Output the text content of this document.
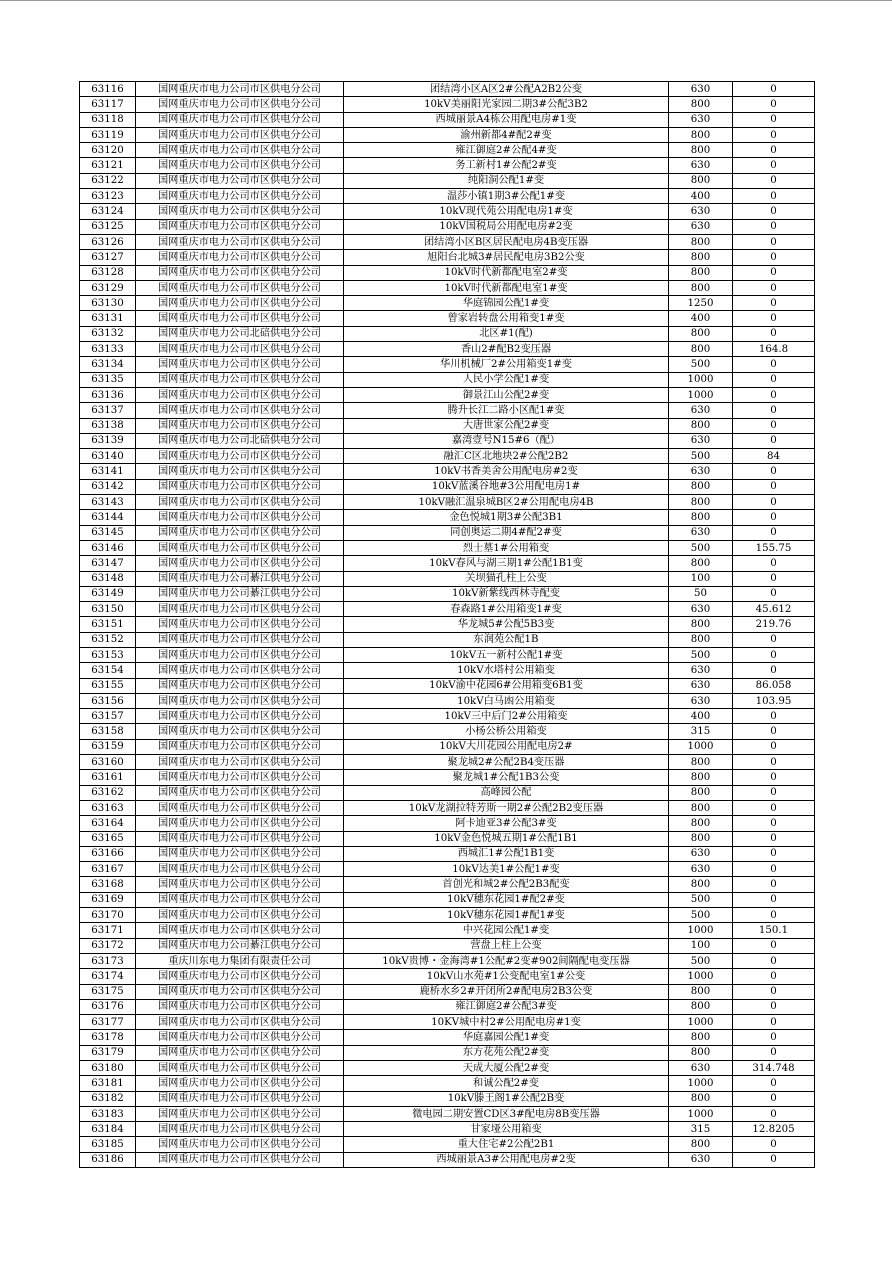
63116	国网重庆市电力公司市区供电分公司	团结湾小区A区2#公配A2B2公变	630	0
63117	国网重庆市电力公司市区供电分公司	10kV美丽阳光家园二期3#公配3B2	800	0
63118	国网重庆市电力公司市区供电分公司	西城丽景A4栋公用配电房#1变	630	0
63119	国网重庆市电力公司市区供电分公司	渝州新都4#配2#变	800	0
63120	国网重庆市电力公司市区供电分公司	雍江御庭2#公配4#变	800	0
63121	国网重庆市电力公司市区供电分公司	务工新村1#公配2#变	630	0
63122	国网重庆市电力公司市区供电分公司	纯阳洞公配1#变	800	0
63123	国网重庆市电力公司市区供电分公司	温莎小镇1期3#公配1#变	400	0
63124	国网重庆市电力公司市区供电分公司	10kV现代苑公用配电房1#变	630	0
63125	国网重庆市电力公司市区供电分公司	10kV国税局公用配电房#2变	630	0
63126	国网重庆市电力公司市区供电分公司	团结湾小区B区居民配电房4B变压器	800	0
63127	国网重庆市电力公司市区供电分公司	旭阳台北城3#居民配电房3B2公变	800	0
63128	国网重庆市电力公司市区供电分公司	10kV时代新都配电室2#变	800	0
63129	国网重庆市电力公司市区供电分公司	10kV时代新都配电室1#变	800	0
63130	国网重庆市电力公司市区供电分公司	华庭锦园公配1#变	1250	0
63131	国网重庆市电力公司市区供电分公司	曾家岩转盘公用箱变1#变	400	0
63132	国网重庆市电力公司北碚供电分公司	北区#1(配)	800	0
63133	国网重庆市电力公司市区供电分公司	香山2#配B2变压器	800	164.8
63134	国网重庆市电力公司市区供电分公司	华川机械厂2#公用箱变1#变	500	0
63135	国网重庆市电力公司市区供电分公司	人民小学公配1#变	1000	0
63136	国网重庆市电力公司市区供电分公司	御景江山公配2#变	1000	0
63137	国网重庆市电力公司市区供电分公司	腾升长江二路小区配1#变	630	0
63138	国网重庆市电力公司市区供电分公司	大唐世家公配2#变	800	0
63139	国网重庆市电力公司北碚供电分公司	嘉湾壹号N15#6（配）	630	0
63140	国网重庆市电力公司市区供电分公司	融汇C区北地块2#公配2B2	500	84
63141	国网重庆市电力公司市区供电分公司	10kV书香美舍公用配电房#2变	630	0
63142	国网重庆市电力公司市区供电分公司	10kV蓝溪谷地#3公用配电房1#	800	0
63143	国网重庆市电力公司市区供电分公司	10kV融汇温泉城B区2#公用配电房4B	800	0
63144	国网重庆市电力公司市区供电分公司	金色悦城1期3#公配3B1	800	0
63145	国网重庆市电力公司市区供电分公司	同创奥运二期4#配2#变	630	0
63146	国网重庆市电力公司市区供电分公司	烈士墓1#公用箱变	500	155.75
63147	国网重庆市电力公司市区供电分公司	10kV春风与湖三期1#公配1B1变	800	0
63148	国网重庆市电力公司綦江供电分公司	关坝猫孔柱上公变	100	0
63149	国网重庆市电力公司綦江供电分公司	10kV新紫线西林寺配变	50	0
63150	国网重庆市电力公司市区供电分公司	春森路1#公用箱变1#变	630	45.612
63151	国网重庆市电力公司市区供电分公司	华龙城5#公配5B3变	800	219.76
63152	国网重庆市电力公司市区供电分公司	东润苑公配1B	800	0
63153	国网重庆市电力公司市区供电分公司	10kV五一新村公配1#变	500	0
63154	国网重庆市电力公司市区供电分公司	10kV水塔村公用箱变	630	0
63155	国网重庆市电力公司市区供电分公司	10kV渝中花园6#公用箱变6B1变	630	86.058
63156	国网重庆市电力公司市区供电分公司	10kV白马凼公用箱变	630	103.95
63157	国网重庆市电力公司市区供电分公司	10kV三中后门2#公用箱变	400	0
63158	国网重庆市电力公司市区供电分公司	小杨公桥公用箱变	315	0
63159	国网重庆市电力公司市区供电分公司	10kV大川花园公用配电房2#	1000	0
63160	国网重庆市电力公司市区供电分公司	聚龙城2#公配2B4变压器	800	0
63161	国网重庆市电力公司市区供电分公司	聚龙城1#公配1B3公变	800	0
63162	国网重庆市电力公司市区供电分公司	高峰园公配	800	0
63163	国网重庆市电力公司市区供电分公司	10kV龙湖拉特芳斯一期2#公配2B2变压器	800	0
63164	国网重庆市电力公司市区供电分公司	阿卡迪亚3#公配3#变	800	0
63165	国网重庆市电力公司市区供电分公司	10kV金色悦城五期1#公配1B1	800	0
63166	国网重庆市电力公司市区供电分公司	西城汇1#公配1B1变	630	0
63167	国网重庆市电力公司市区供电分公司	10kV达美1#公配1#变	630	0
63168	国网重庆市电力公司市区供电分公司	首创光和城2#公配2B3配变	800	0
63169	国网重庆市电力公司市区供电分公司	10kV穗东花园1#配2#变	500	0
63170	国网重庆市电力公司市区供电分公司	10kV穗东花园1#配1#变	500	0
63171	国网重庆市电力公司市区供电分公司	中兴花园公配1#变	1000	150.1
63172	国网重庆市电力公司綦江供电分公司	营盘上柱上公变	100	0
63173	重庆川东电力集团有限责任公司	10kV贵博・金海湾#1公配#2变#902间隔配电变压器	500	0
63174	国网重庆市电力公司市区供电分公司	10kV山水苑#1公变配电室1#公变	1000	0
63175	国网重庆市电力公司市区供电分公司	鹿桥水乡2#开闭所2#配电房2B3公变	800	0
63176	国网重庆市电力公司市区供电分公司	雍江御庭2#公配3#变	800	0
63177	国网重庆市电力公司市区供电分公司	10KV城中村2#公用配电房#1变	1000	0
63178	国网重庆市电力公司市区供电分公司	华庭嘉园公配1#变	800	0
63179	国网重庆市电力公司市区供电分公司	东方花苑公配2#变	800	0
63180	国网重庆市电力公司市区供电分公司	天成大厦公配2#变	630	314.748
63181	国网重庆市电力公司市区供电分公司	和诚公配2#变	1000	0
63182	国网重庆市电力公司市区供电分公司	10kV滕王阁1#公配2B变	800	0
63183	国网重庆市电力公司市区供电分公司	微电园二期安置CD区3#配电房8B变压器	1000	0
63184	国网重庆市电力公司市区供电分公司	甘家垭公用箱变	315	12.8205
63185	国网重庆市电力公司市区供电分公司	重大住宅#2公配2B1	800	0
63186	国网重庆市电力公司市区供电分公司	西城丽景A3#公用配电房#2变	630	0
